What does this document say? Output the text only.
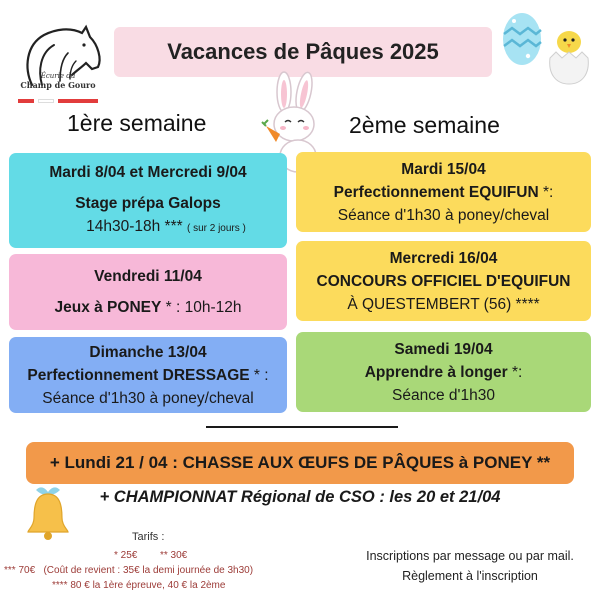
Écurie du
Champ de Gouro
Vacances de Pâques 2025
1ère semaine	2ème semaine
Mardi 8/04 et Mercredi 9/04
Stage prépa Galops
14h30-18h *** ( sur 2 jours )
Vendredi 11/04
Jeux à PONEY * : 10h-12h
Dimanche 13/04
Perfectionnement DRESSAGE * :
Séance d'1h30 à poney/cheval
Mardi 15/04
Perfectionnement EQUIFUN *:
Séance d'1h30 à poney/cheval
Mercredi 16/04
CONCOURS OFFICIEL D'EQUIFUN
À QUESTEMBERT (56) ****
Samedi 19/04
Apprendre à longer *:
Séance d'1h30
+ Lundi 21 / 04 : CHASSE AUX ŒUFS DE PÂQUES à PONEY **
+ CHAMPIONNAT Régional de CSO : les 20 et 21/04
Tarifs :
* 25€ ** 30€
*** 70€   (Coût de revient : 35€ la demi journée de 3h30)
**** 80 € la 1ère épreuve, 40 € la 2ème
Inscriptions par message ou par mail.
Règlement à l'inscription
